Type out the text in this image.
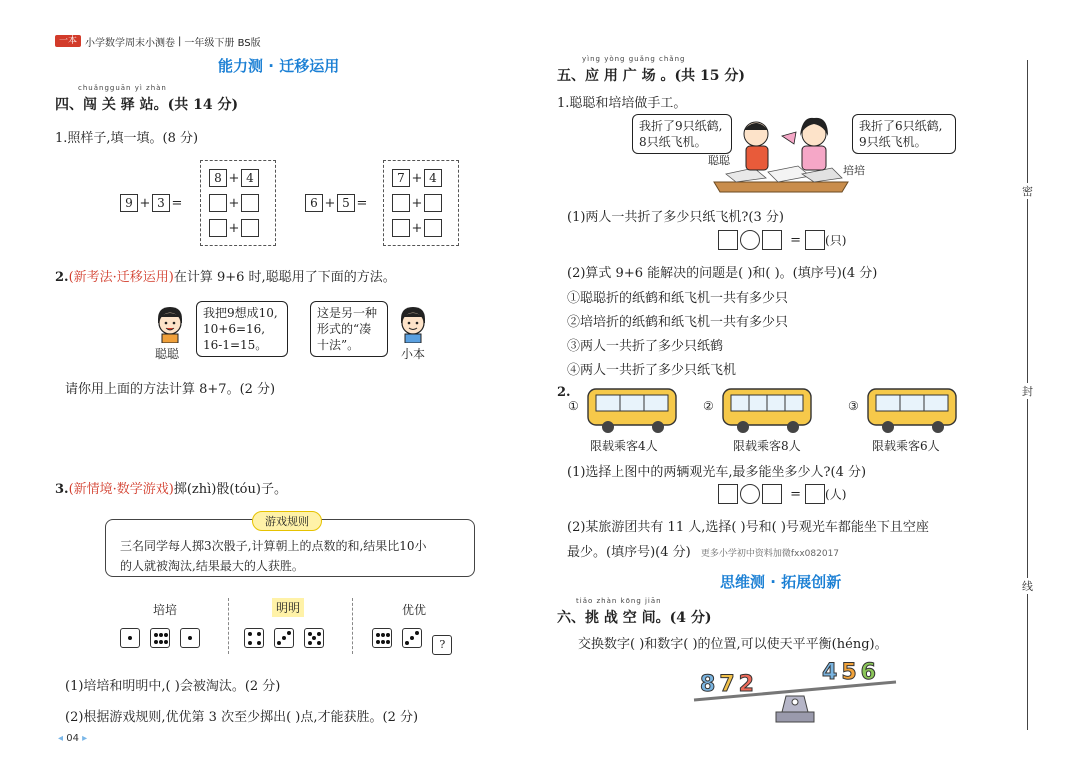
一本 小学数学周末小测卷 | 一年级下册 BS版
能力测 · 迁移运用
chuǎngguān yì zhàn
四、闯 关 驿 站。(共 14 分)
1.照样子,填一填。(8 分)
9 + 3 =
8 + 4
+
+
6 + 5 =
7 + 4
+
+
2.(新考法·迁移运用)在计算 9+6 时,聪聪用了下面的方法。
聪聪
我把9想成10,
10+6=16,
16-1=15。
这是另一种
形式的“凑
十法”。
小本
请你用上面的方法计算 8+7。(2 分)
3.(新情境·数学游戏)掷(zhì)骰(tóu)子。
三名同学每人掷3次骰子,计算朝上的点数的和,结果比10小
的人就被淘汰,结果最大的人获胜。
游戏规则
培培	明明	优优

?
(1)培培和明明中,( )会被淘汰。(2 分)
(2)根据游戏规则,优优第 3 次至少掷出( )点,才能获胜。(2 分)
◂ 04 ▸
yìng yòng guǎng chǎng
五、应 用 广 场 。(共 15 分)
1.聪聪和培培做手工。
我折了9只纸鹤,
8只纸飞机。
我折了6只纸鹤,
9只纸飞机。
聪聪
培培
(1)两人一共折了多少只纸飞机?(3 分)
= (只)
(2)算式 9+6 能解决的问题是( )和( )。(填序号)(4 分)
①聪聪折的纸鹤和纸飞机一共有多少只
②培培折的纸鹤和纸飞机一共有多少只
③两人一共折了多少只纸鹤
④两人一共折了多少只纸飞机
2.
①
限载乘客4人
②
限载乘客8人
③
限载乘客6人
(1)选择上图中的两辆观光车,最多能坐多少人?(4 分)
= (人)
(2)某旅游团共有 11 人,选择( )号和( )号观光车都能坐下且空座
最少。(填序号)(4 分) 更多小学初中资料加微fxx082017
思维测 · 拓展创新
tiǎo zhàn kōng jiān
六、挑 战 空 间。(4 分)
交换数字( )和数字( )的位置,可以使天平平衡(héng)。
8 7 2	4 5 6
密
封
线
